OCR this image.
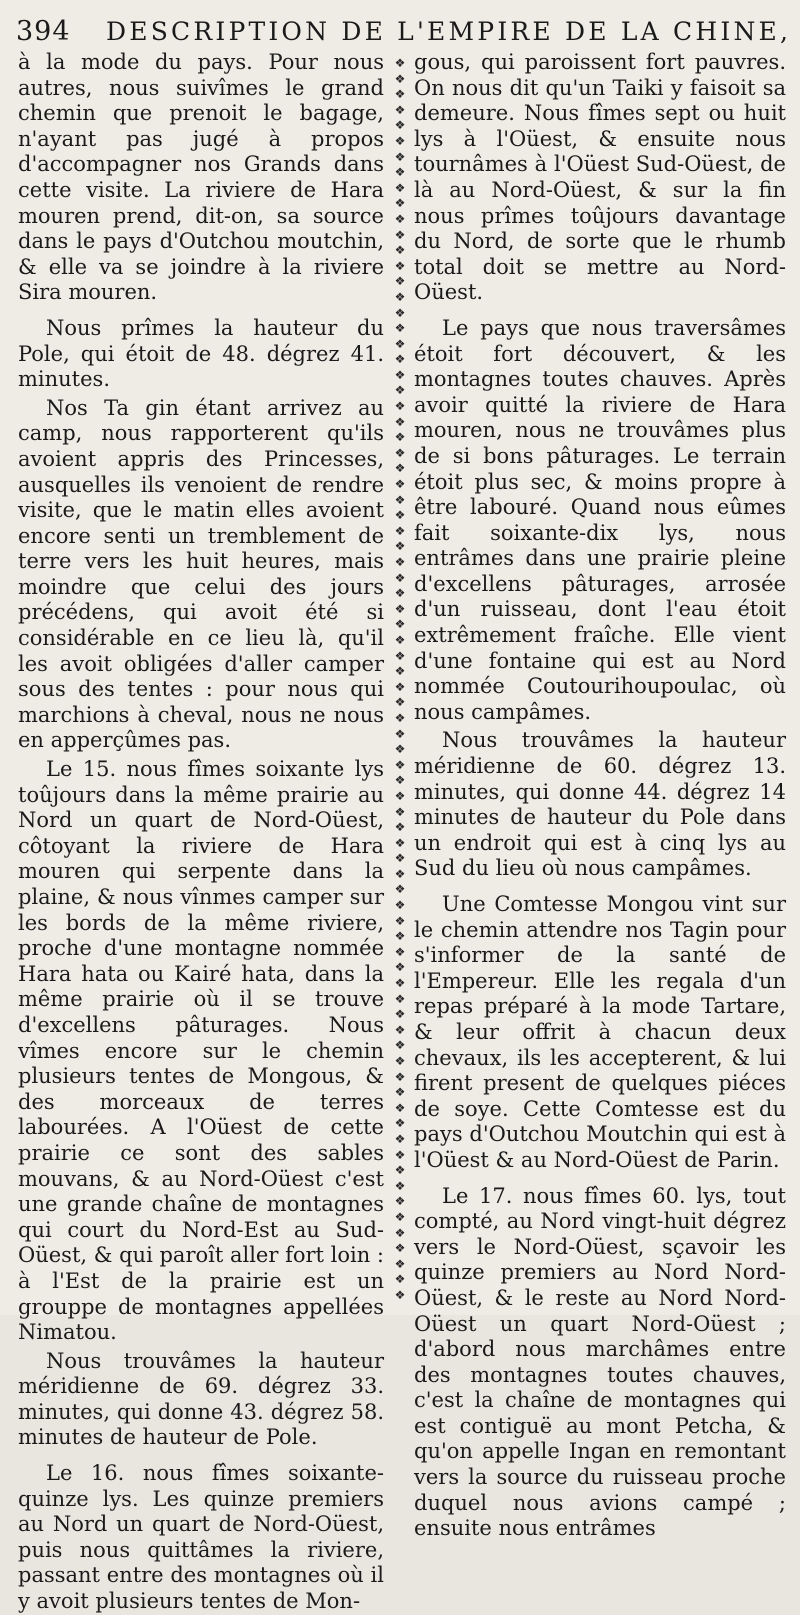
394 DESCRIPTION DE L'EMPIRE DE LA CHINE,

à la mode du pays. Pour nous autres, nous suivîmes le grand chemin que prenoit le bagage, n'ayant pas jugé à propos d'accompagner nos Grands dans cette visite. La riviere de Hara mouren prend, dit-on, sa source dans le pays d'Outchou moutchin, & elle va se joindre à la riviere Sira mouren.

Nous prîmes la hauteur du Pole, qui étoit de 48. dégrez 41. minutes.

Nos Ta gin étant arrivez au camp, nous rapporterent qu'ils avoient appris des Princesses, ausquelles ils venoient de rendre visite, que le matin elles avoient encore senti un tremblement de terre vers les huit heures, mais moindre que celui des jours précédens, qui avoit été si considérable en ce lieu là, qu'il les avoit obligées d'aller camper sous des tentes : pour nous qui marchions à cheval, nous ne nous en apperçûmes pas.

Le 15. nous fîmes soixante lys toûjours dans la même prairie au Nord un quart de Nord-Oüest, côtoyant la riviere de Hara mouren qui serpente dans la plaine, & nous vînmes camper sur les bords de la même riviere, proche d'une montagne nommée Hara hata ou Kairé hata, dans la même prairie où il se trouve d'excellens pâturages. Nous vîmes encore sur le chemin plusieurs tentes de Mongous, & des morceaux de terres labourées. A l'Oüest de cette prairie ce sont des sables mouvans, & au Nord-Oüest c'est une grande chaîne de montagnes qui court du Nord-Est au Sud-Oüest, & qui paroît aller fort loin : à l'Est de la prairie est un grouppe de montagnes appellées Nimatou.

Nous trouvâmes la hauteur méridienne de 69. dégrez 33. minutes, qui donne 43. dégrez 58. minutes de hauteur de Pole.

Le 16. nous fîmes soixante-quinze lys. Les quinze premiers au Nord un quart de Nord-Oüest, puis nous quittâmes la riviere, passant entre des montagnes où il y avoit plusieurs tentes de Mon-

❖
❖
❖
❖
❖
❖
❖
❖
❖
❖
❖
❖
❖
❖
❖
❖
❖
❖
❖
❖
❖
❖
❖
❖
❖
❖
❖
❖
❖
❖
❖
❖
❖
❖
❖
❖
❖
❖
❖
❖
❖
❖
❖
❖
❖
❖
❖
❖
❖
❖
❖
❖
❖
❖
❖
❖
❖
❖
❖
❖
❖
❖
❖
❖
❖
❖
❖
❖
❖
❖
❖
❖
❖
❖
❖
❖
❖
❖
❖
❖

gous, qui paroissent fort pauvres. On nous dit qu'un Taiki y faisoit sa demeure. Nous fîmes sept ou huit lys à l'Oüest, & ensuite nous tournâmes à l'Oüest Sud-Oüest, de là au Nord-Oüest, & sur la fin nous prîmes toûjours davantage du Nord, de sorte que le rhumb total doit se mettre au Nord-Oüest.

Le pays que nous traversâmes étoit fort découvert, & les montagnes toutes chauves. Après avoir quitté la riviere de Hara mouren, nous ne trouvâmes plus de si bons pâturages. Le terrain étoit plus sec, & moins propre à être labouré. Quand nous eûmes fait soixante-dix lys, nous entrâmes dans une prairie pleine d'excellens pâturages, arrosée d'un ruisseau, dont l'eau étoit extrêmement fraîche. Elle vient d'une fontaine qui est au Nord nommée Coutourihoupoulac, où nous campâmes.

Nous trouvâmes la hauteur méridienne de 60. dégrez 13. minutes, qui donne 44. dégrez 14 minutes de hauteur du Pole dans un endroit qui est à cinq lys au Sud du lieu où nous campâmes.

Une Comtesse Mongou vint sur le chemin attendre nos Tagin pour s'informer de la santé de l'Empereur. Elle les regala d'un repas préparé à la mode Tartare, & leur offrit à chacun deux chevaux, ils les accepterent, & lui firent present de quelques piéces de soye. Cette Comtesse est du pays d'Outchou Moutchin qui est à l'Oüest & au Nord-Oüest de Parin.

Le 17. nous fîmes 60. lys, tout compté, au Nord vingt-huit dégrez vers le Nord-Oüest, sçavoir les quinze premiers au Nord Nord-Oüest, & le reste au Nord Nord-Oüest un quart Nord-Oüest ; d'abord nous marchâmes entre des montagnes toutes chauves, c'est la chaîne de montagnes qui est contiguë au mont Petcha, & qu'on appelle Ingan en remontant vers la source du ruisseau proche duquel nous avions campé ; ensuite nous entrâmes
